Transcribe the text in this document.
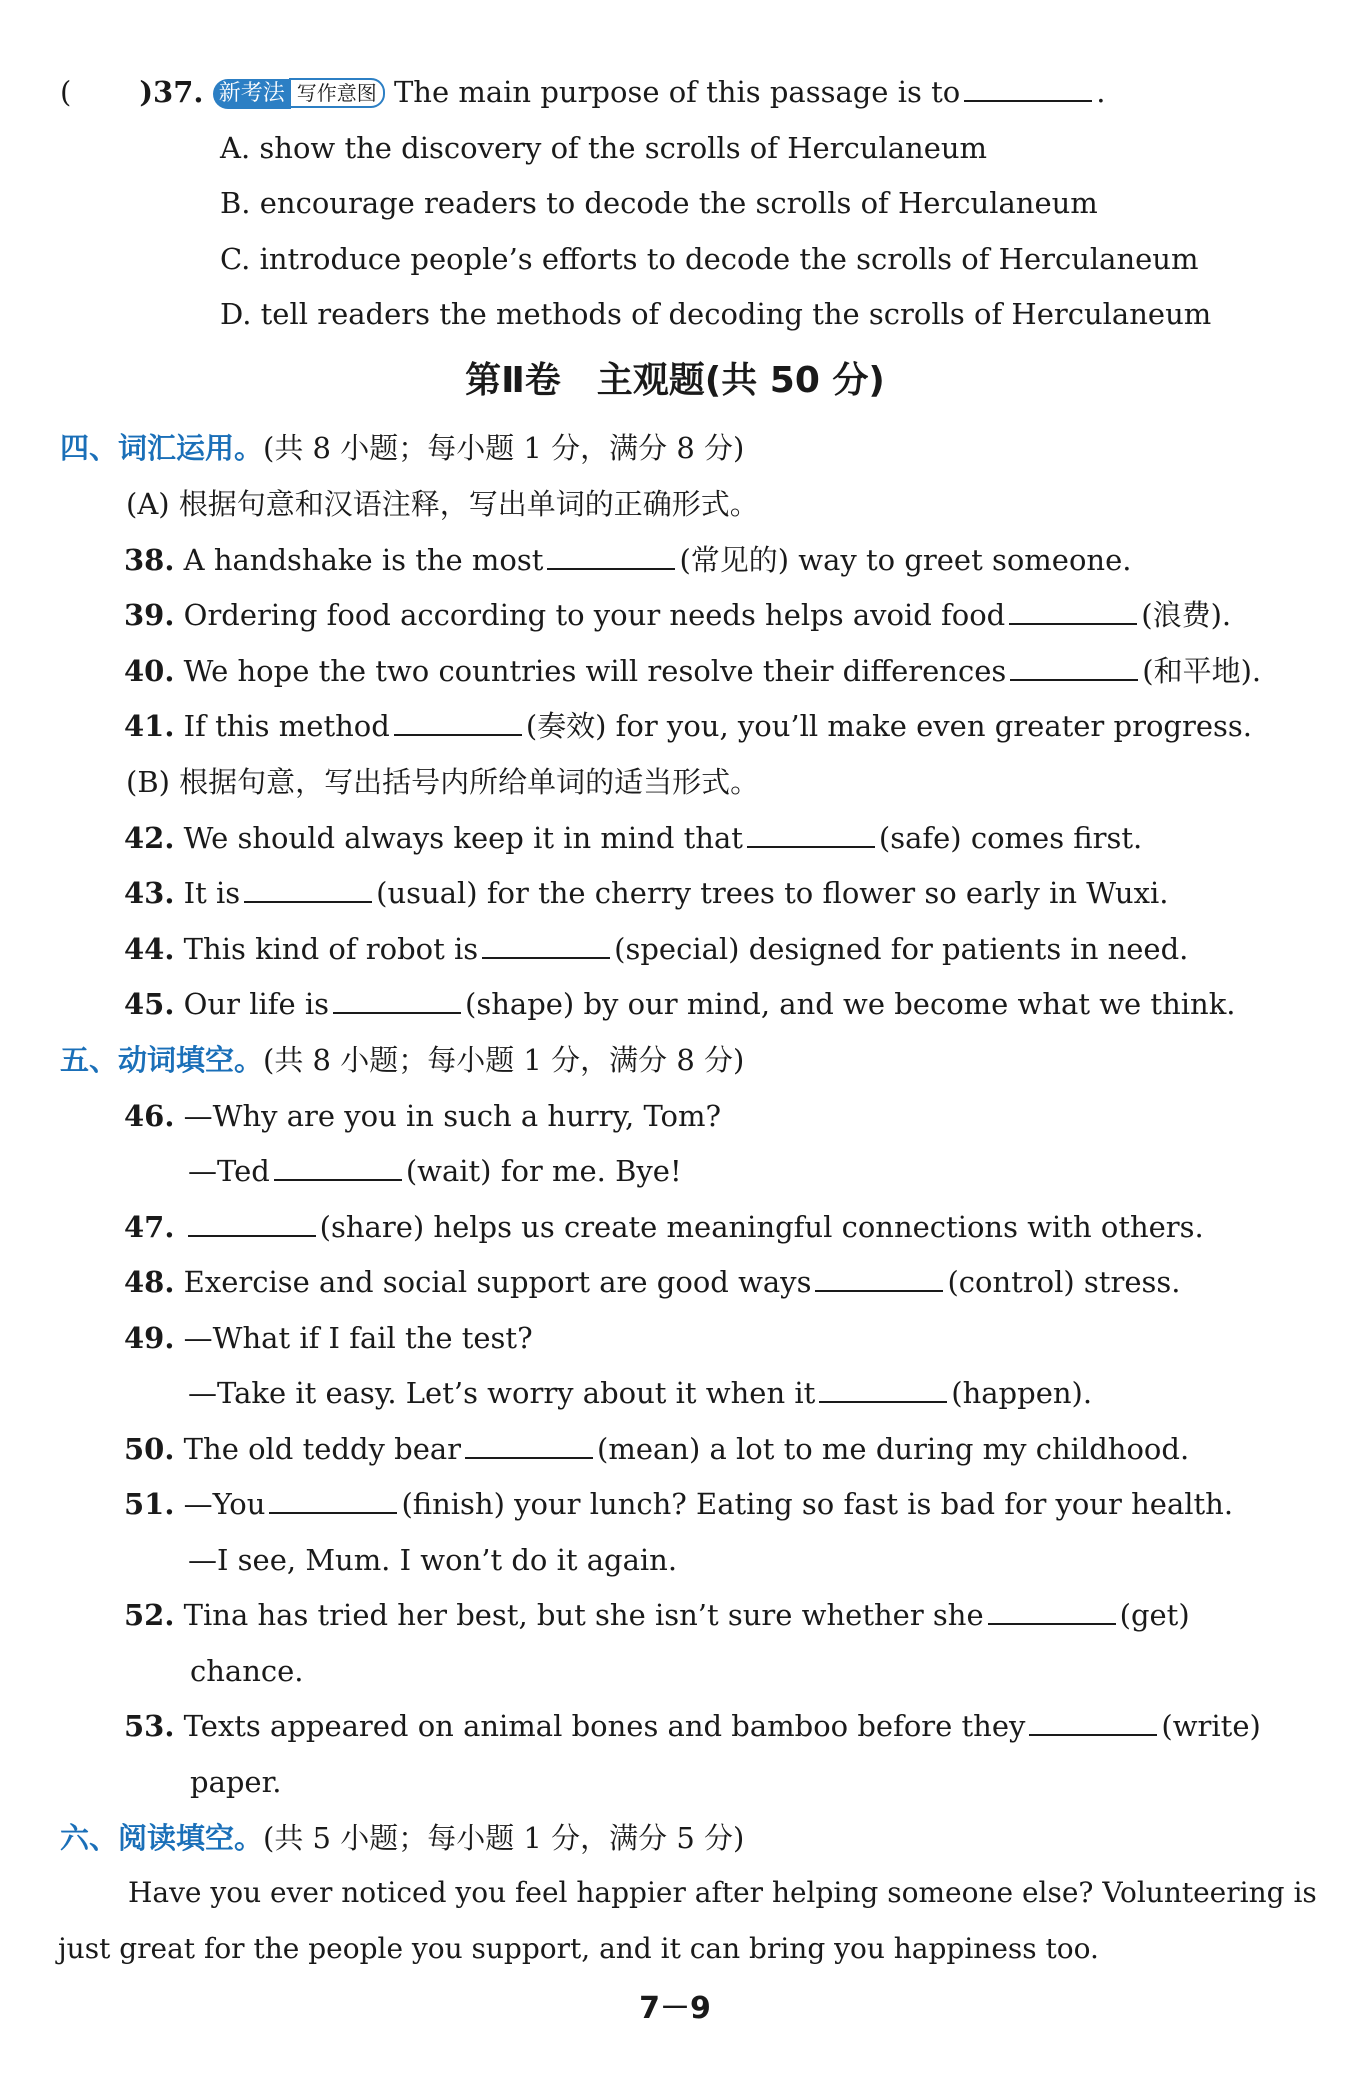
( )37. 新考法 写作意图 The main purpose of this passage is to	.
A. show the discovery of the scrolls of Herculaneum
B. encourage readers to decode the scrolls of Herculaneum
C. introduce people’s efforts to decode the scrolls of Herculaneum
D. tell readers the methods of decoding the scrolls of Herculaneum
第Ⅱ卷　主观题(共 50 分)
四、词汇运用。(共 8 小题；每小题 1 分，满分 8 分)
(A) 根据句意和汉语注释，写出单词的正确形式。
38. A handshake is the most	(常见的) way to greet someone.
39. Ordering food according to your needs helps avoid food	(浪费).
40. We hope the two countries will resolve their differences	(和平地).
41. If this method	(奏效) for you, you’ll make even greater progress.
(B) 根据句意，写出括号内所给单词的适当形式。
42. We should always keep it in mind that	(safe) comes first.
43. It is	(usual) for the cherry trees to flower so early in Wuxi.
44. This kind of robot is	(special) designed for patients in need.
45. Our life is	(shape) by our mind, and we become what we think.
五、动词填空。(共 8 小题；每小题 1 分，满分 8 分)
46. —Why are you in such a hurry, Tom?
—Ted	(wait) for me. Bye!
47.	(share) helps us create meaningful connections with others.
48. Exercise and social support are good ways	(control) stress.
49. —What if I fail the test?
—Take it easy. Let’s worry about it when it	(happen).
50. The old teddy bear	(mean) a lot to me during my childhood.
51. —You	(finish) your lunch? Eating so fast is bad for your health.
—I see, Mum. I won’t do it again.
52. Tina has tried her best, but she isn’t sure whether she	(get)
chance.
53. Texts appeared on animal bones and bamboo before they	(write)
paper.
六、阅读填空。(共 5 小题；每小题 1 分，满分 5 分)
Have you ever noticed you feel happier after helping someone else? Volunteering is
just great for the people you support, and it can bring you happiness too.
7－9
